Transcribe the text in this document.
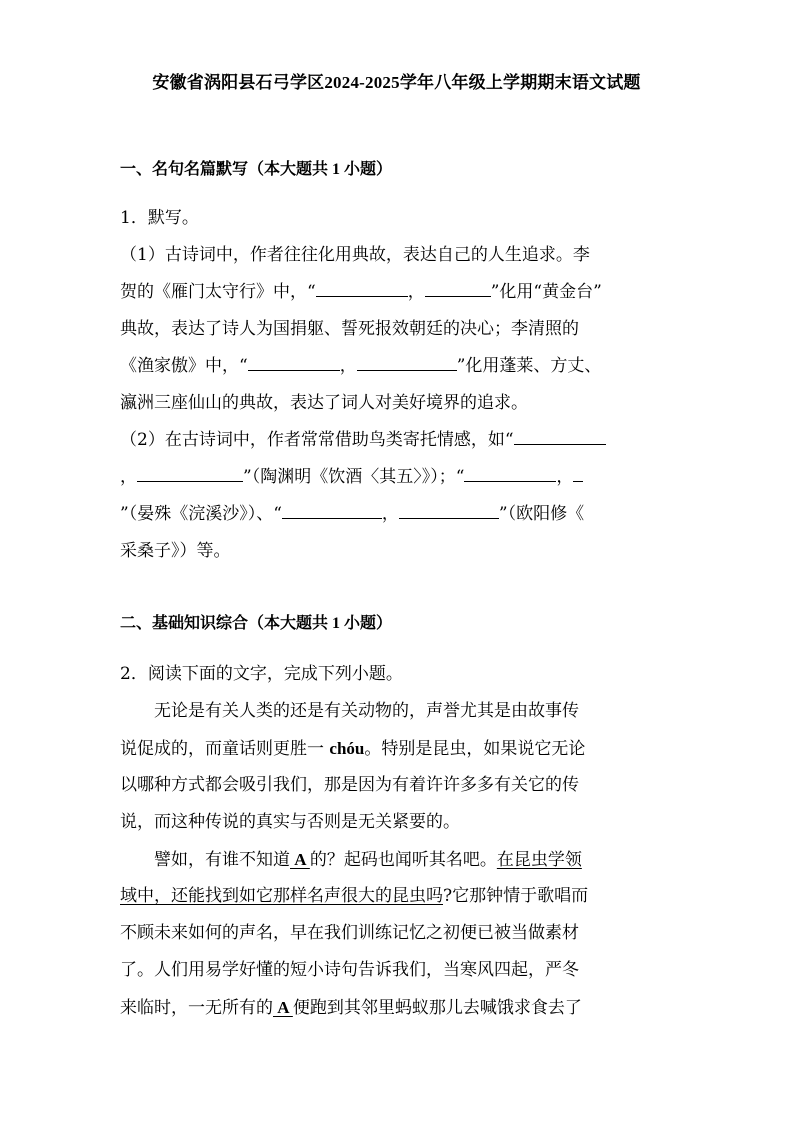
安徽省涡阳县石弓学区2024-2025学年八年级上学期期末语文试题
一、名句名篇默写（本大题共 1 小题）
1．默写。
（1）古诗词中，作者往往化用典故，表达自己的人生追求。李
贺的《雁门太守行》中，“	，	”化用“黄金台”
典故，表达了诗人为国捐躯、誓死报效朝廷的决心；李清照的
《渔家傲》中，“	，	”化用蓬莱、方丈、
瀛洲三座仙山的典故，表达了词人对美好境界的追求。
（2）在古诗词中，作者常常借助鸟类寄托情感，如“
，	”（陶渊明《饮酒〈其五〉》）；“	，
”（晏殊《浣溪沙》）、“	，	”（欧阳修《
采桑子》）等。
二、基础知识综合（本大题共 1 小题）
2．阅读下面的文字，完成下列小题。
　　无论是有关人类的还是有关动物的，声誉尤其是由故事传
说促成的，而童话则更胜一 chóu。特别是昆虫，如果说它无论
以哪种方式都会吸引我们，那是因为有着许许多多有关它的传
说，而这种传说的真实与否则是无关紧要的。
　　譬如，有谁不知道 A 的？起码也闻听其名吧。在昆虫学领
域中，还能找到如它那样名声很大的昆虫吗?它那钟情于歌唱而
不顾未来如何的声名，早在我们训练记忆之初便已被当做素材
了。人们用易学好懂的短小诗句告诉我们，当寒风四起，严冬
来临时，一无所有的 A 便跑到其邻里蚂蚁那儿去喊饿求食去了
